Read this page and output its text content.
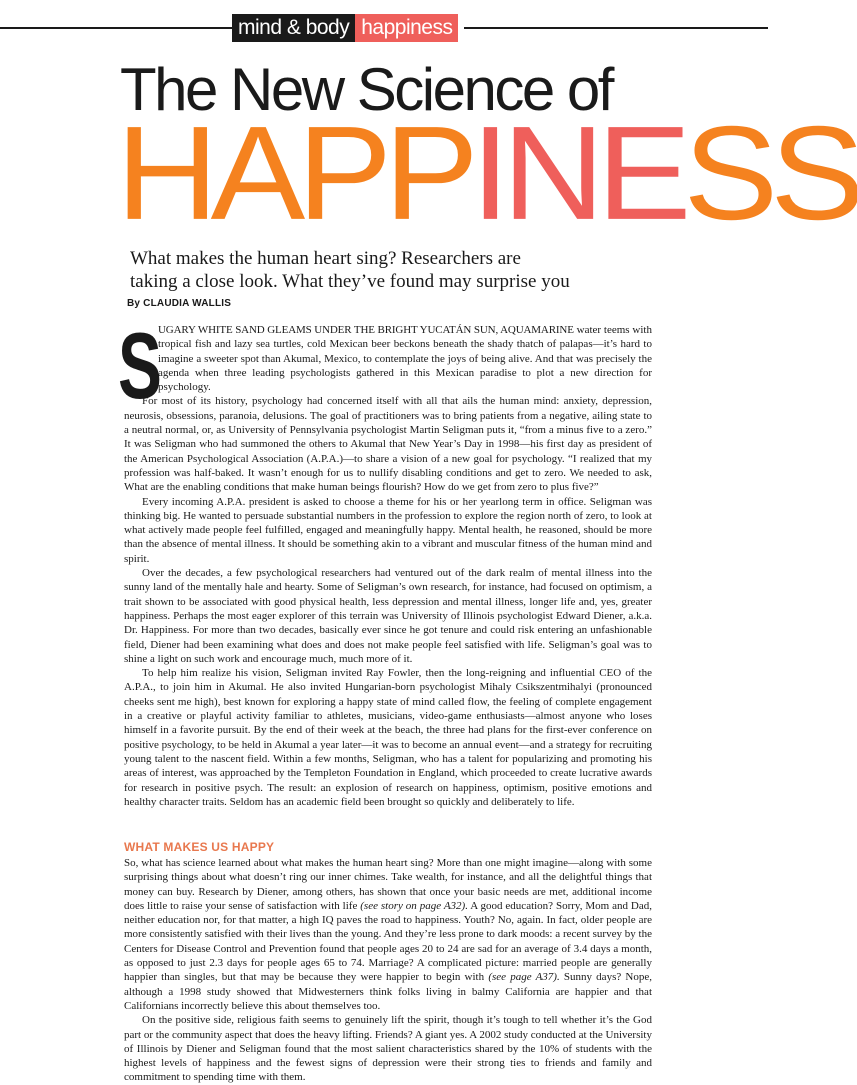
mind & body happiness
The New Science of
HAPPINESS

What makes the human heart sing? Researchers are
taking a close look. What they’ve found may surprise you

By CLAUDIA WALLIS
S

UGARY WHITE SAND GLEAMS UNDER THE BRIGHT YUCATÁN SUN, AQUAMARINE water teems with tropical fish and lazy sea turtles, cold Mexican beer beckons beneath the shady thatch of palapas—it’s hard to imagine a sweeter spot than Akumal, Mexico, to contemplate the joys of being alive. And that was precisely the agenda when three leading psychologists gathered in this Mexican paradise to plot a new direction for psychology.

For most of its history, psychology had concerned itself with all that ails the human mind: anxiety, depression, neurosis, obsessions, paranoia, delusions. The goal of practitioners was to bring patients from a negative, ailing state to a neutral normal, or, as University of Pennsylvania psychologist Martin Seligman puts it, “from a minus five to a zero.” It was Seligman who had summoned the others to Akumal that New Year’s Day in 1998—his first day as president of the American Psychological Association (A.P.A.)—to share a vision of a new goal for psychology. “I realized that my profession was half-baked. It wasn’t enough for us to nullify disabling conditions and get to zero. We needed to ask, What are the enabling conditions that make human beings flourish? How do we get from zero to plus five?”

Every incoming A.P.A. president is asked to choose a theme for his or her yearlong term in office. Seligman was thinking big. He wanted to persuade substantial numbers in the profession to explore the region north of zero, to look at what actively made people feel fulfilled, engaged and meaningfully happy. Mental health, he reasoned, should be more than the absence of mental illness. It should be something akin to a vibrant and muscular fitness of the human mind and spirit.

Over the decades, a few psychological researchers had ventured out of the dark realm of mental illness into the sunny land of the mentally hale and hearty. Some of Seligman’s own research, for instance, had focused on optimism, a trait shown to be associated with good physical health, less depression and mental illness, longer life and, yes, greater happiness. Perhaps the most eager explorer of this terrain was University of Illinois psychologist Edward Diener, a.k.a. Dr. Happiness. For more than two decades, basically ever since he got tenure and could risk entering an unfashionable field, Diener had been examining what does and does not make people feel satisfied with life. Seligman’s goal was to shine a light on such work and encourage much, much more of it.

To help him realize his vision, Seligman invited Ray Fowler, then the long-reigning and influential CEO of the A.P.A., to join him in Akumal. He also invited Hungarian-born psychologist Mihaly Csikszentmihalyi (pronounced cheeks sent me high), best known for exploring a happy state of mind called flow, the feeling of complete engagement in a creative or playful activity familiar to athletes, musicians, video-game enthusiasts—almost anyone who loses himself in a favorite pursuit. By the end of their week at the beach, the three had plans for the first-ever conference on positive psychology, to be held in Akumal a year later—it was to become an annual event—and a strategy for recruiting young talent to the nascent field. Within a few months, Seligman, who has a talent for popularizing and promoting his areas of interest, was approached by the Templeton Foundation in England, which proceeded to create lucrative awards for research in positive psych. The result: an explosion of research on happiness, optimism, positive emotions and healthy character traits. Seldom has an academic field been brought so quickly and deliberately to life.

WHAT MAKES US HAPPY

So, what has science learned about what makes the human heart sing? More than one might imagine—along with some surprising things about what doesn’t ring our inner chimes. Take wealth, for instance, and all the delightful things that money can buy. Research by Diener, among others, has shown that once your basic needs are met, additional income does little to raise your sense of satisfaction with life (see story on page A32). A good education? Sorry, Mom and Dad, neither education nor, for that matter, a high IQ paves the road to happiness. Youth? No, again. In fact, older people are more consistently satisfied with their lives than the young. And they’re less prone to dark moods: a recent survey by the Centers for Disease Control and Prevention found that people ages 20 to 24 are sad for an average of 3.4 days a month, as opposed to just 2.3 days for people ages 65 to 74. Marriage? A complicated picture: married people are generally happier than singles, but that may be because they were happier to begin with (see page A37). Sunny days? Nope, although a 1998 study showed that Midwesterners think folks living in balmy California are happier and that Californians incorrectly believe this about themselves too.

On the positive side, religious faith seems to genuinely lift the spirit, though it’s tough to tell whether it’s the God part or the community aspect that does the heavy lifting. Friends? A giant yes. A 2002 study conducted at the University of Illinois by Diener and Seligman found that the most salient characteristics shared by the 10% of students with the highest levels of happiness and the fewest signs of depression were their strong ties to friends and family and commitment to spending time with them.
